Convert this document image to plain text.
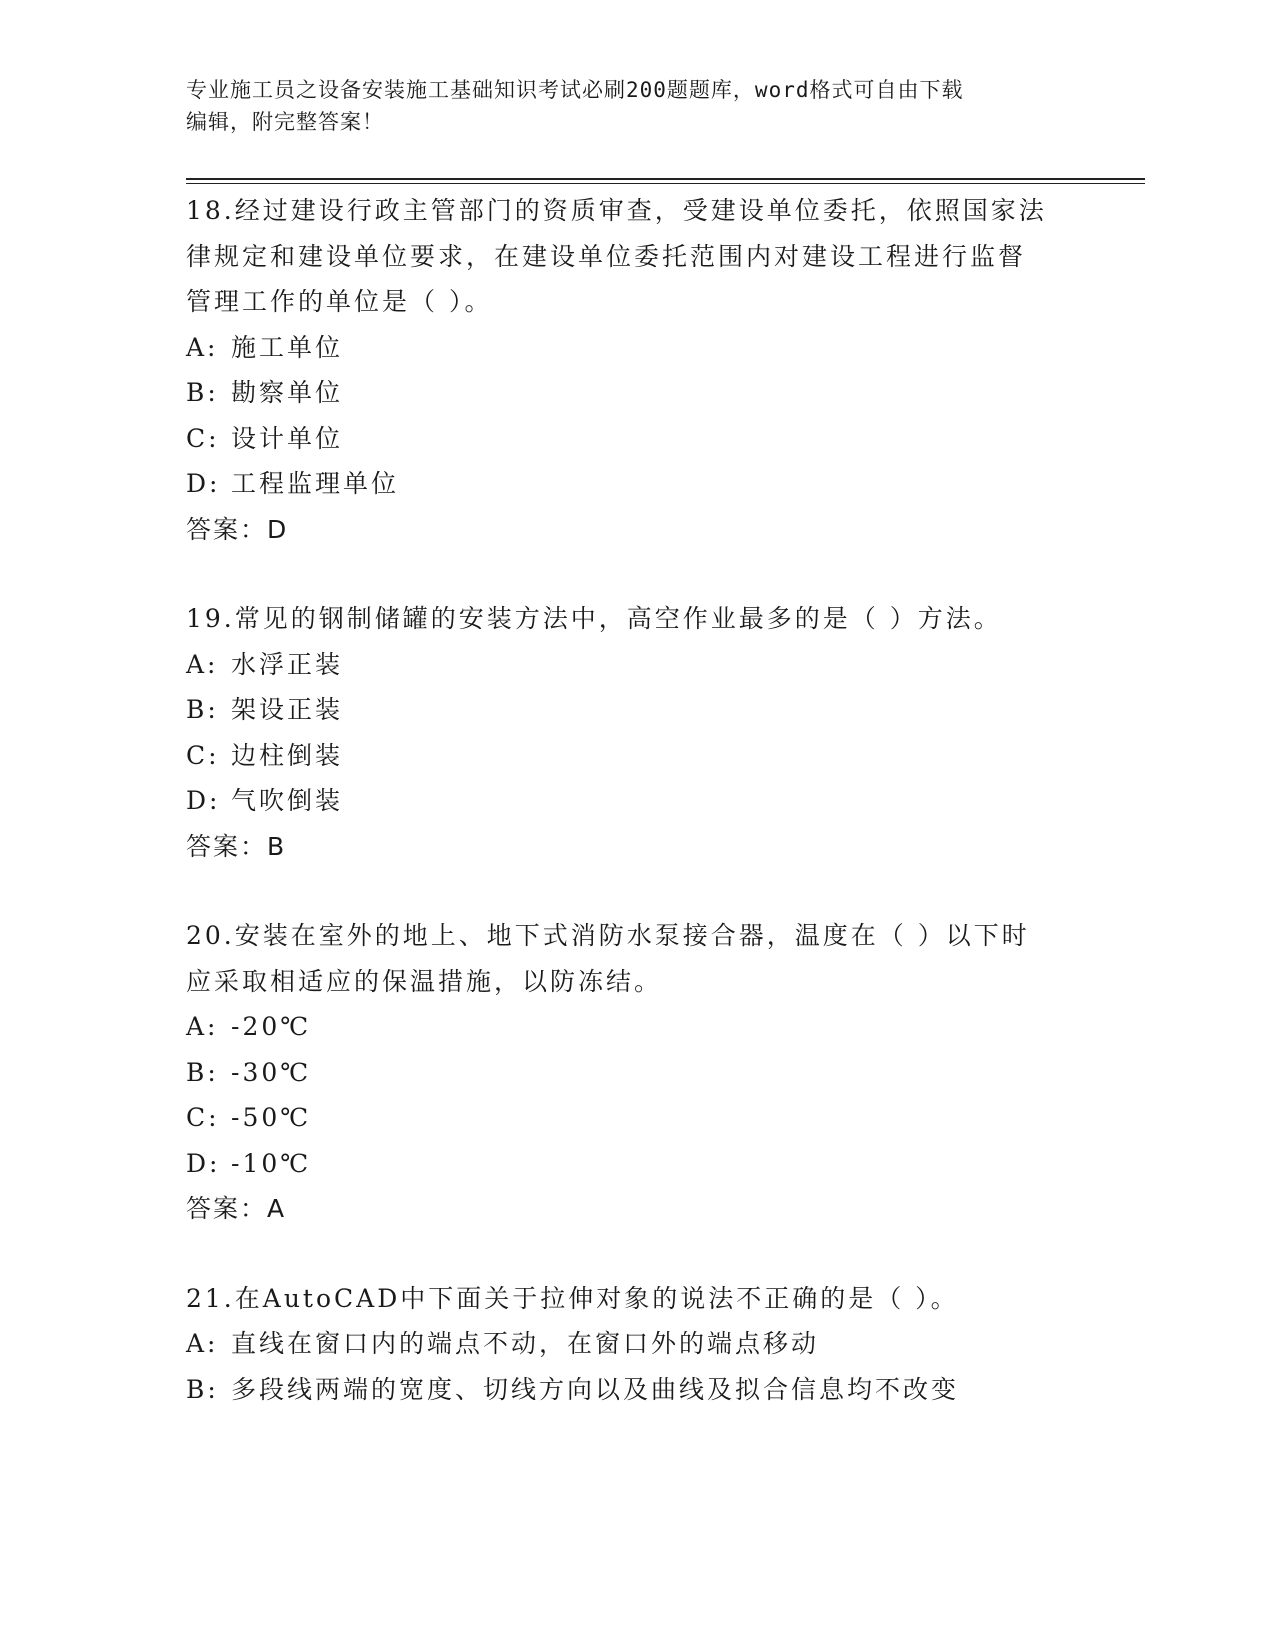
专业施工员之设备安装施工基础知识考试必刷200题题库，word格式可自由下载
编辑，附完整答案！

18.经过建设行政主管部门的资质审查，受建设单位委托，依照国家法

律规定和建设单位要求，在建设单位委托范围内对建设工程进行监督

管理工作的单位是（ ）。

A: 施工单位

B: 勘察单位

C: 设计单位

D: 工程监理单位

答案：D

19.常见的钢制储罐的安装方法中，高空作业最多的是（ ）方法。

A: 水浮正装

B: 架设正装

C: 边柱倒装

D: 气吹倒装

答案：B

20.安装在室外的地上、地下式消防水泵接合器，温度在（ ）以下时

应采取相适应的保温措施，以防冻结。

A: -20℃

B: -30℃

C: -50℃

D: -10℃

答案：A

21.在AutoCAD中下面关于拉伸对象的说法不正确的是（ ）。

A: 直线在窗口内的端点不动，在窗口外的端点移动

B: 多段线两端的宽度、切线方向以及曲线及拟合信息均不改变
